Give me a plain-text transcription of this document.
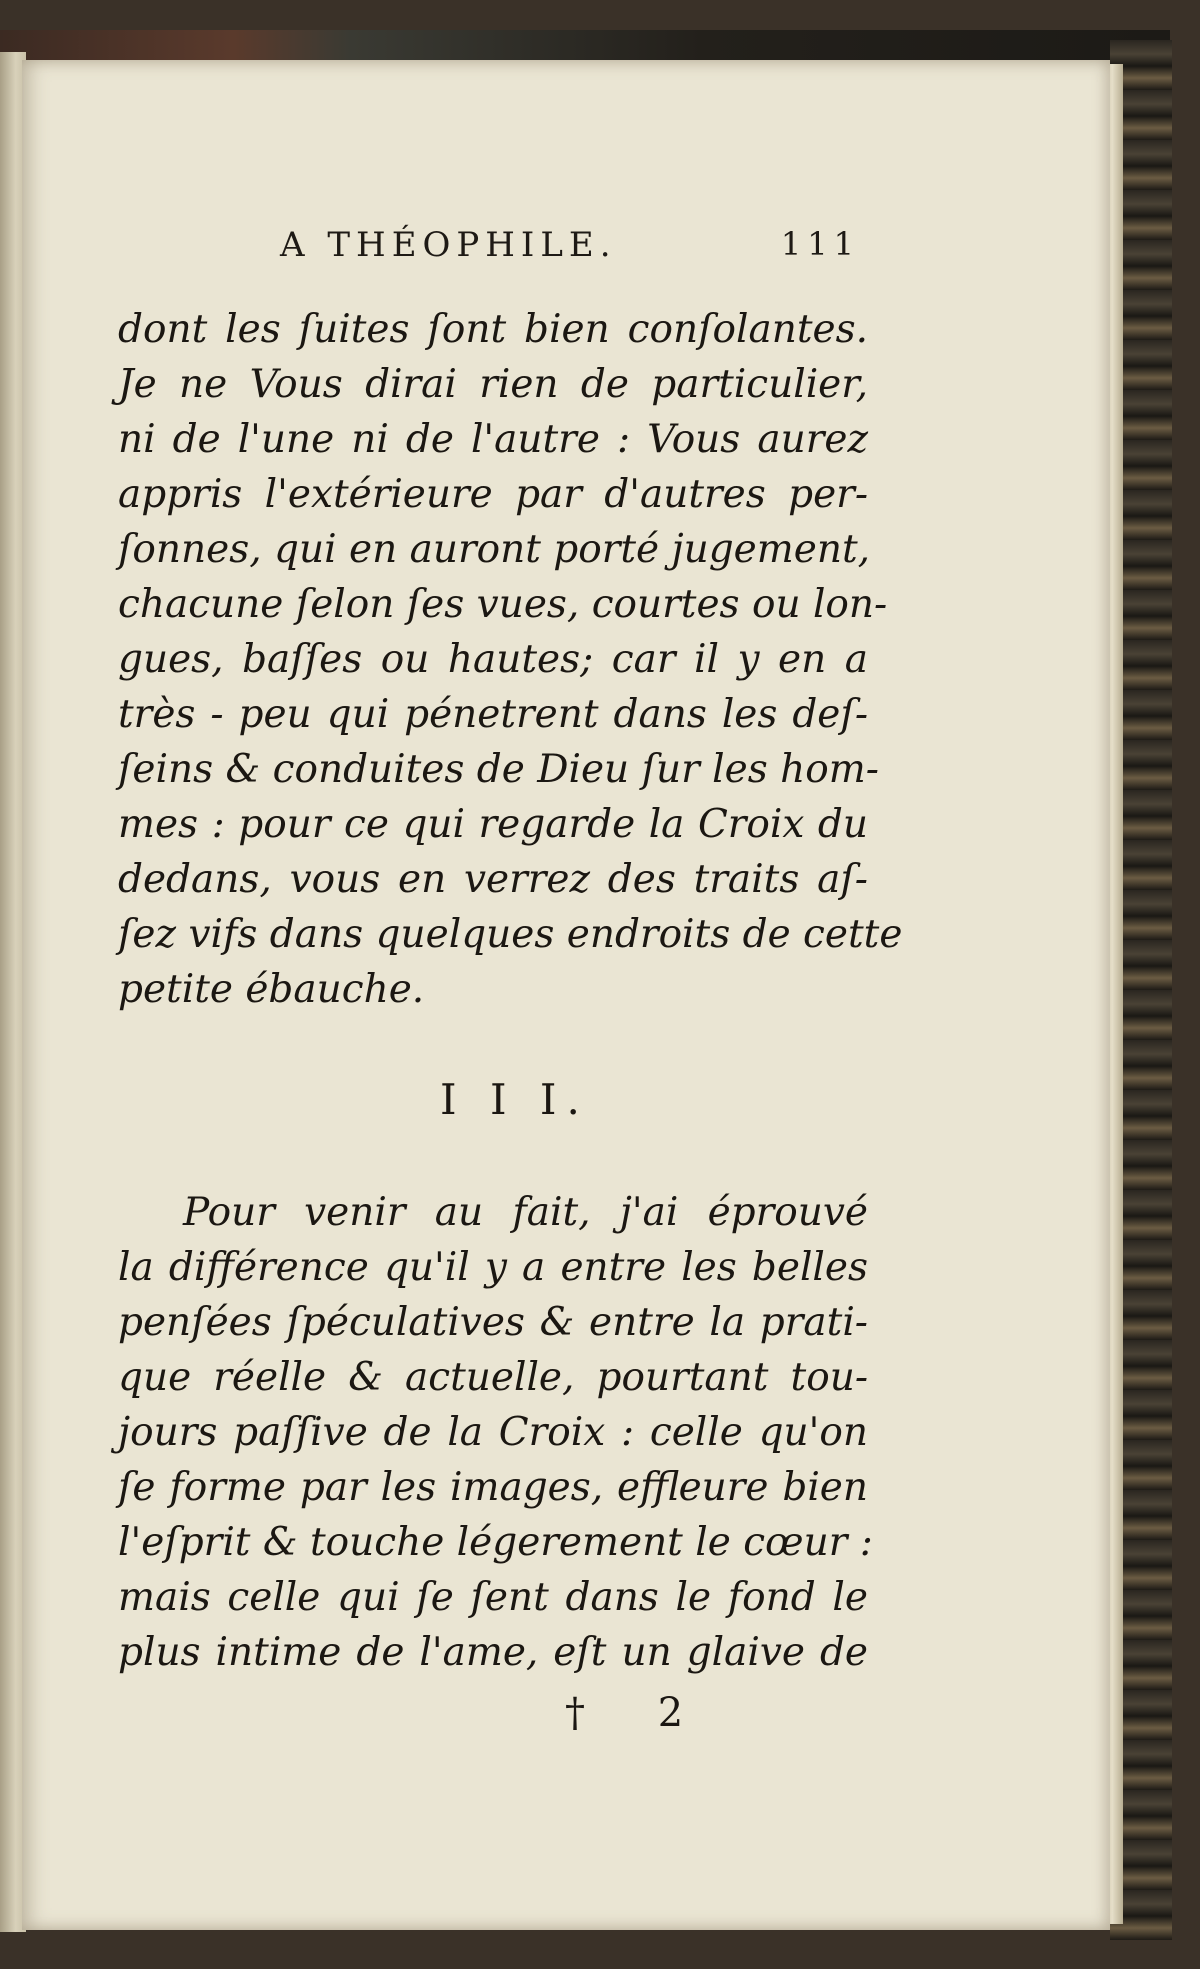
A THÉOPHILE.	111
dont les ſuites ſont bien conſolantes.
Je ne Vous dirai rien de particulier,
ni de l'une ni de l'autre : Vous aurez
appris l'extérieure par d'autres per-
ſonnes, qui en auront porté jugement,
chacune ſelon ſes vues, courtes ou lon-
gues, baſſes ou hautes; car il y en a
très - peu qui pénetrent dans les deſ-
ſeins & conduites de Dieu ſur les hom-
mes : pour ce qui regarde la Croix du
dedans, vous en verrez des traits aſ-
ſez vifs dans quelques endroits de cette
petite ébauche.
I I I.
Pour venir au fait, j'ai éprouvé
la différence qu'il y a entre les belles
penſées ſpéculatives & entre la prati-
que réelle & actuelle, pourtant tou-
jours paſſive de la Croix : celle qu'on
ſe forme par les images, effleure bien
l'eſprit & touche légerement le cœur :
mais celle qui ſe ſent dans le fond le
plus intime de l'ame, eſt un glaive de
† 2
